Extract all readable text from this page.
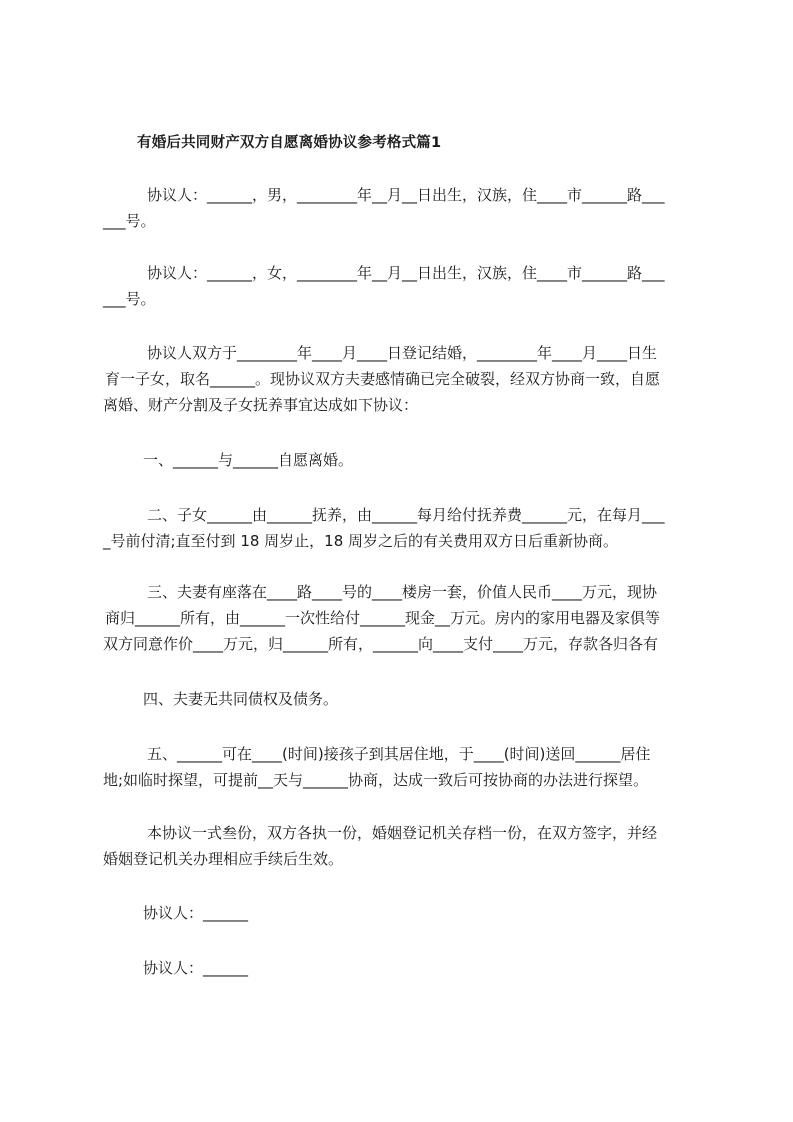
有婚后共同财产双方自愿离婚协议参考格式篇1
协议人：______，男，________年__月__日出生，汉族，住____市______路___
___号。
协议人：______，女，________年__月__日出生，汉族，住____市______路___
___号。
协议人双方于________年____月____日登记结婚，________年____月____日生
育一子女，取名______。现协议双方夫妻感情确已完全破裂，经双方协商一致，自愿
离婚、财产分割及子女抚养事宜达成如下协议：
一、______与______自愿离婚。
二、子女______由______抚养，由______每月给付抚养费______元，在每月___
_号前付清;直至付到 18 周岁止，18 周岁之后的有关费用双方日后重新协商。
三、夫妻有座落在____路____号的____楼房一套，价值人民币____万元，现协
商归______所有，由______一次性给付______现金__万元。房内的家用电器及家俱等
双方同意作价____万元，归______所有，______向____支付____万元，存款各归各有
四、夫妻无共同债权及债务。
五、______可在____(时间)接孩子到其居住地，于____(时间)送回______居住
地;如临时探望，可提前__天与______协商，达成一致后可按协商的办法进行探望。
本协议一式叁份，双方各执一份，婚姻登记机关存档一份，在双方签字，并经
婚姻登记机关办理相应手续后生效。
协议人：______
协议人：______
